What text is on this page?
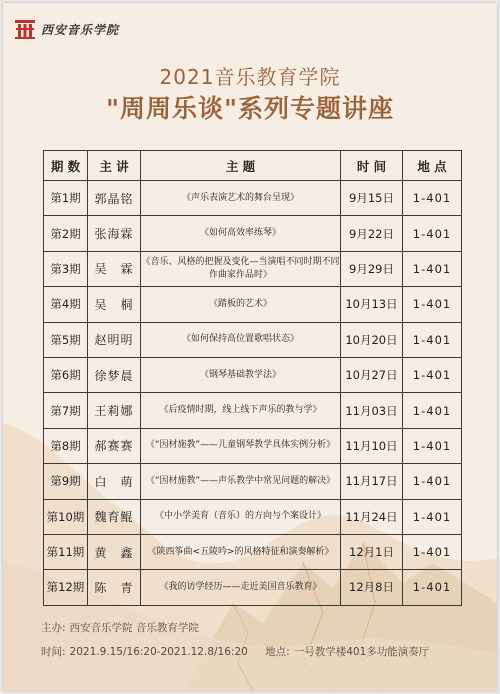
西安音乐学院
2021音乐教育学院
"周周乐谈"系列专题讲座
期 数	主 讲	主 题	时 间	地 点
第1期	郭晶铭	《声乐表演艺术的舞台呈现》	9月15日	1-401
第2期	张海霖	《如何高效率练琴》	9月22日	1-401
第3期	吴　霖	《音乐、风格的把握及变化—当演唱不同时期不同作曲家作品时》	9月29日	1-401
第4期	吴　桐	《踏板的艺术》	10月13日	1-401
第5期	赵明明	《如何保持高位置歌唱状态》	10月20日	1-401
第6期	徐梦晨	《钢琴基础教学法》	10月27日	1-401
第7期	王莉娜	《后疫情时期，线上线下声乐的教与学》	11月03日	1-401
第8期	郝赛赛	《“因材施教”——儿童钢琴教学具体实例分析》	11月10日	1-401
第9期	白　萌	《“因材施教”——声乐教学中常见问题的解决》	11月17日	1-401
第10期	魏育鲲	《中小学美育（音乐）的方向与个案设计》	11月24日	1-401
第11期	黄　鑫	《陕西筝曲<五陵吟>的风格特征和演奏解析》	12月1日	1-401
第12期	陈　青	《我的访学经历——走近美国音乐教育》	12月8日	1-401
主办: 西安音乐学院 音乐教育学院
时间: 2021.9.15/16:20-2021.12.8/16:20 地点: 一号教学楼401多功能演奏厅
